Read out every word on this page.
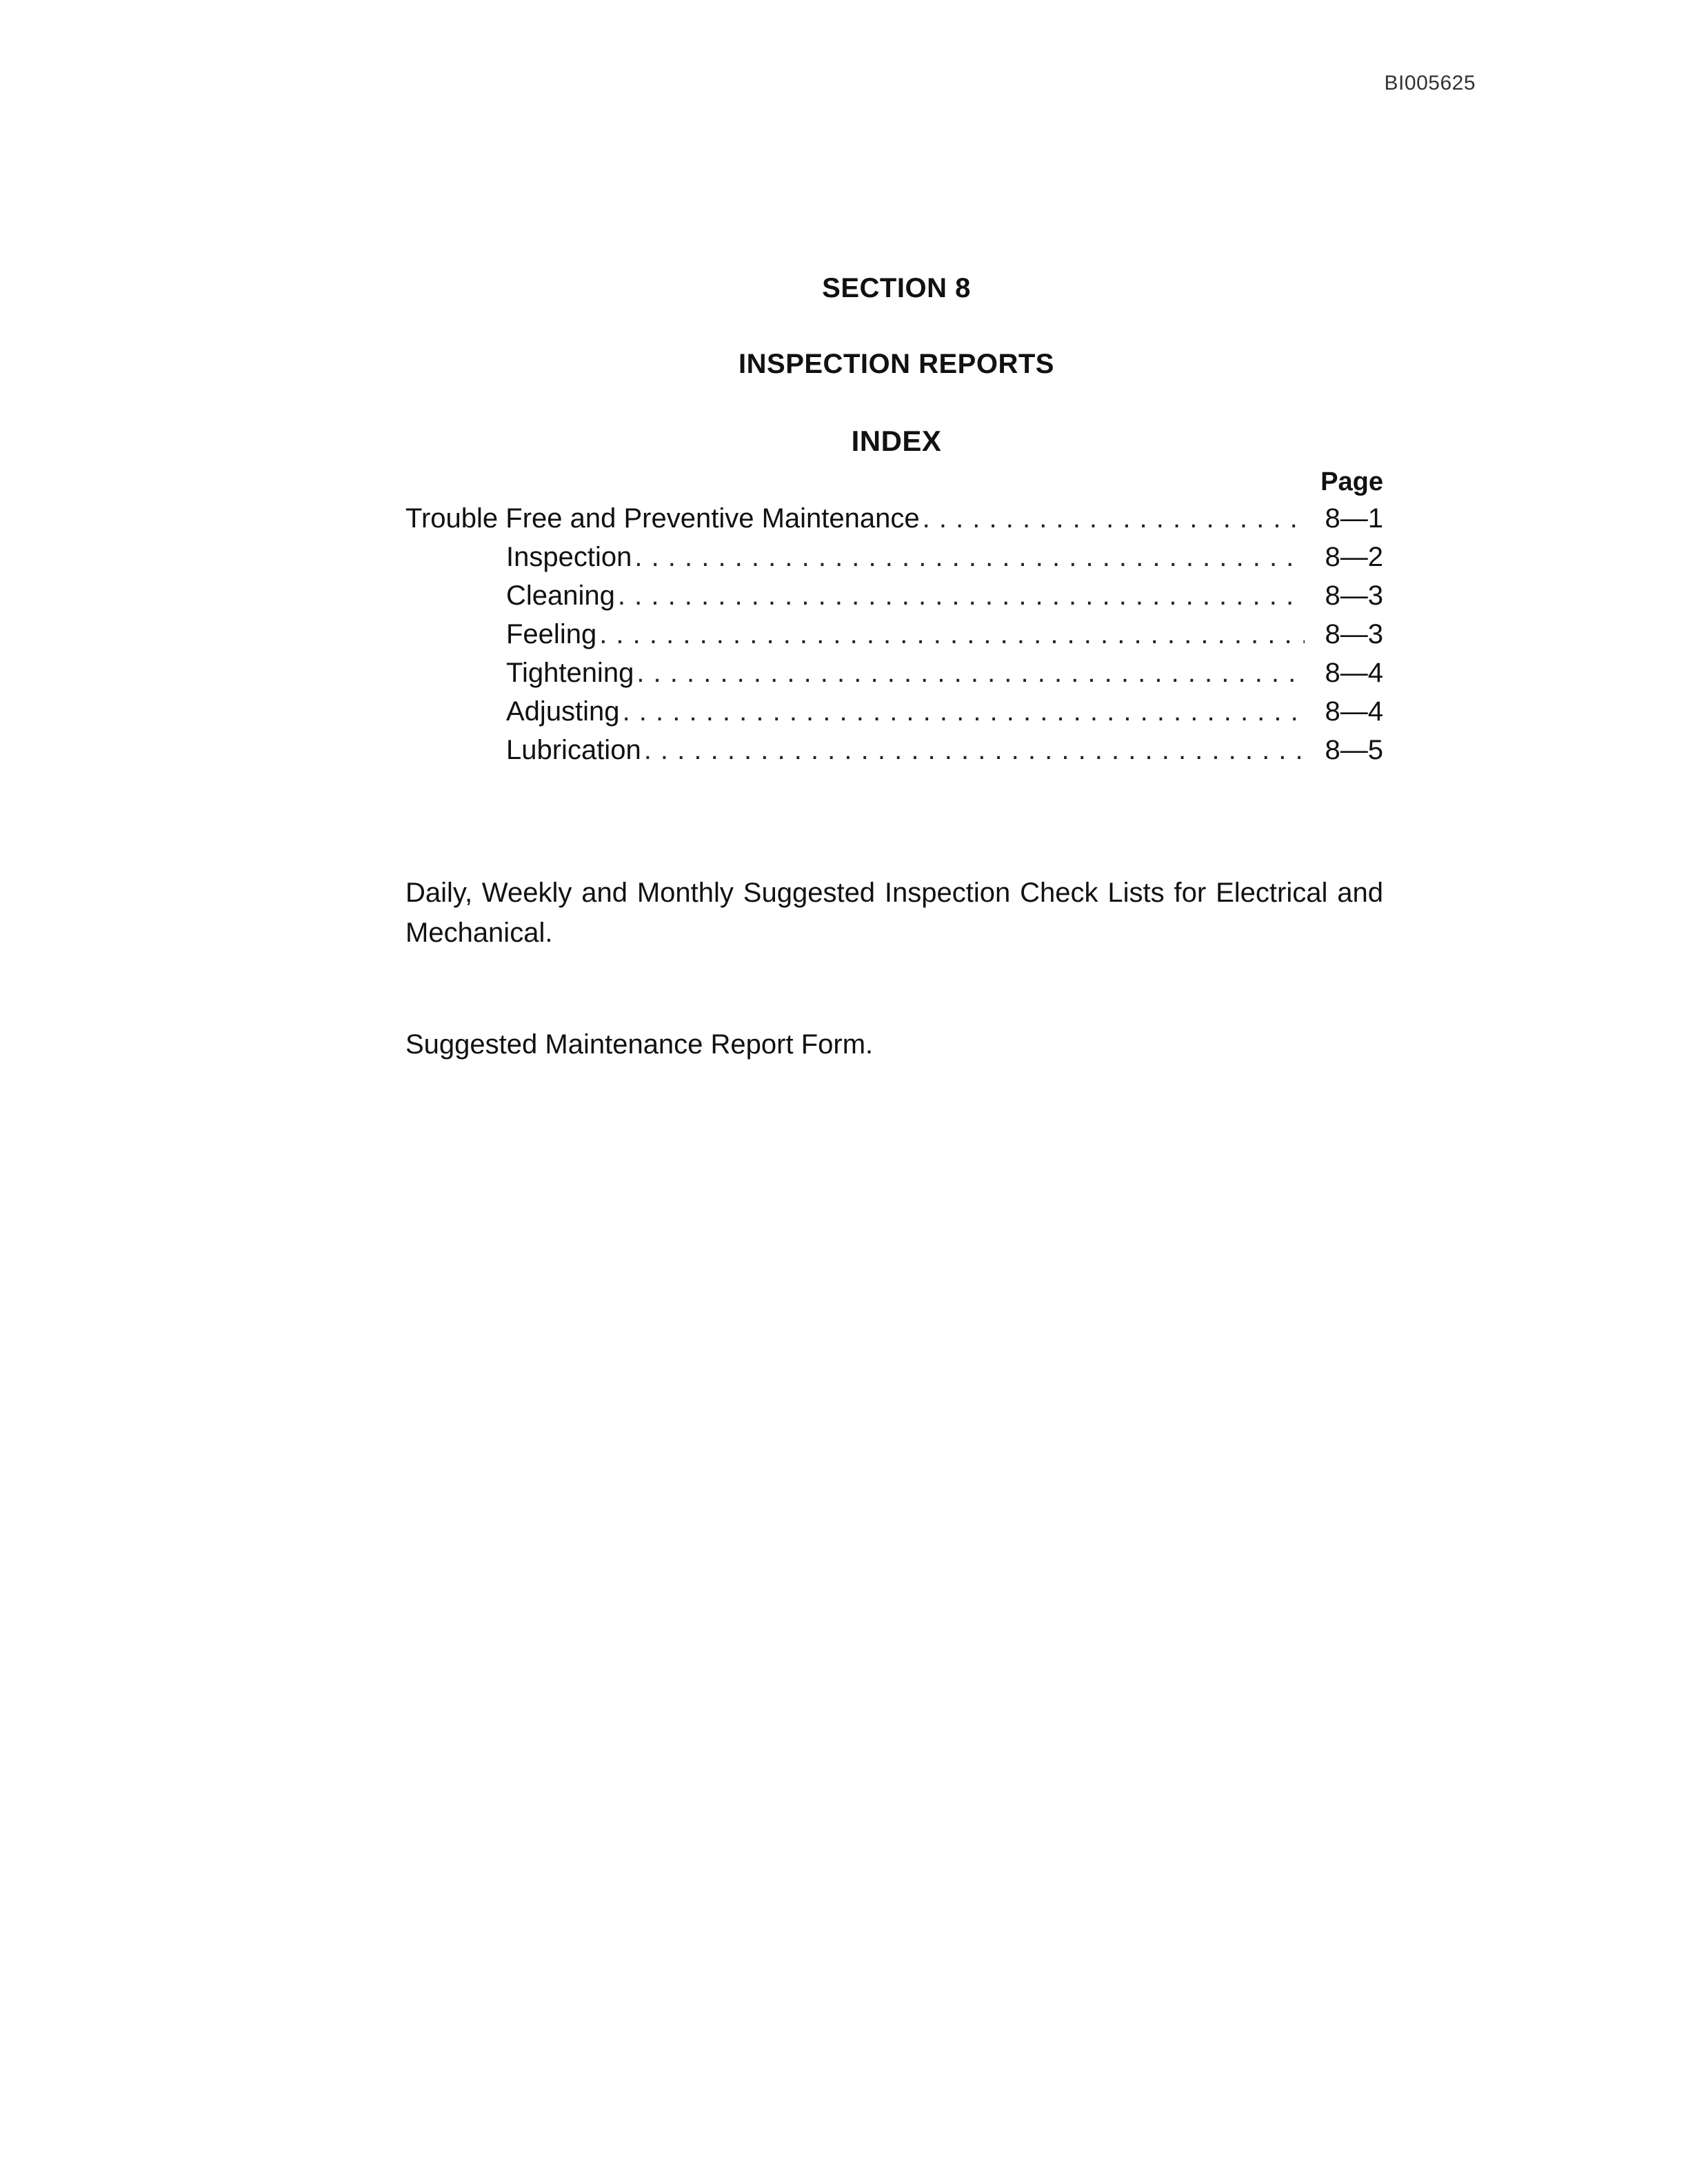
BI005625
SECTION 8
INSPECTION REPORTS
INDEX
Page
Trouble Free and Preventive Maintenance . . .	8—1
Inspection . . .	8—2
Cleaning . . .	8—3
Feeling . . .	8—3
Tightening . . .	8—4
Adjusting . . .	8—4
Lubrication . . .	8—5

Daily, Weekly and Monthly Suggested Inspection Check Lists for Electrical and Mechanical.

Suggested Maintenance Report Form.
